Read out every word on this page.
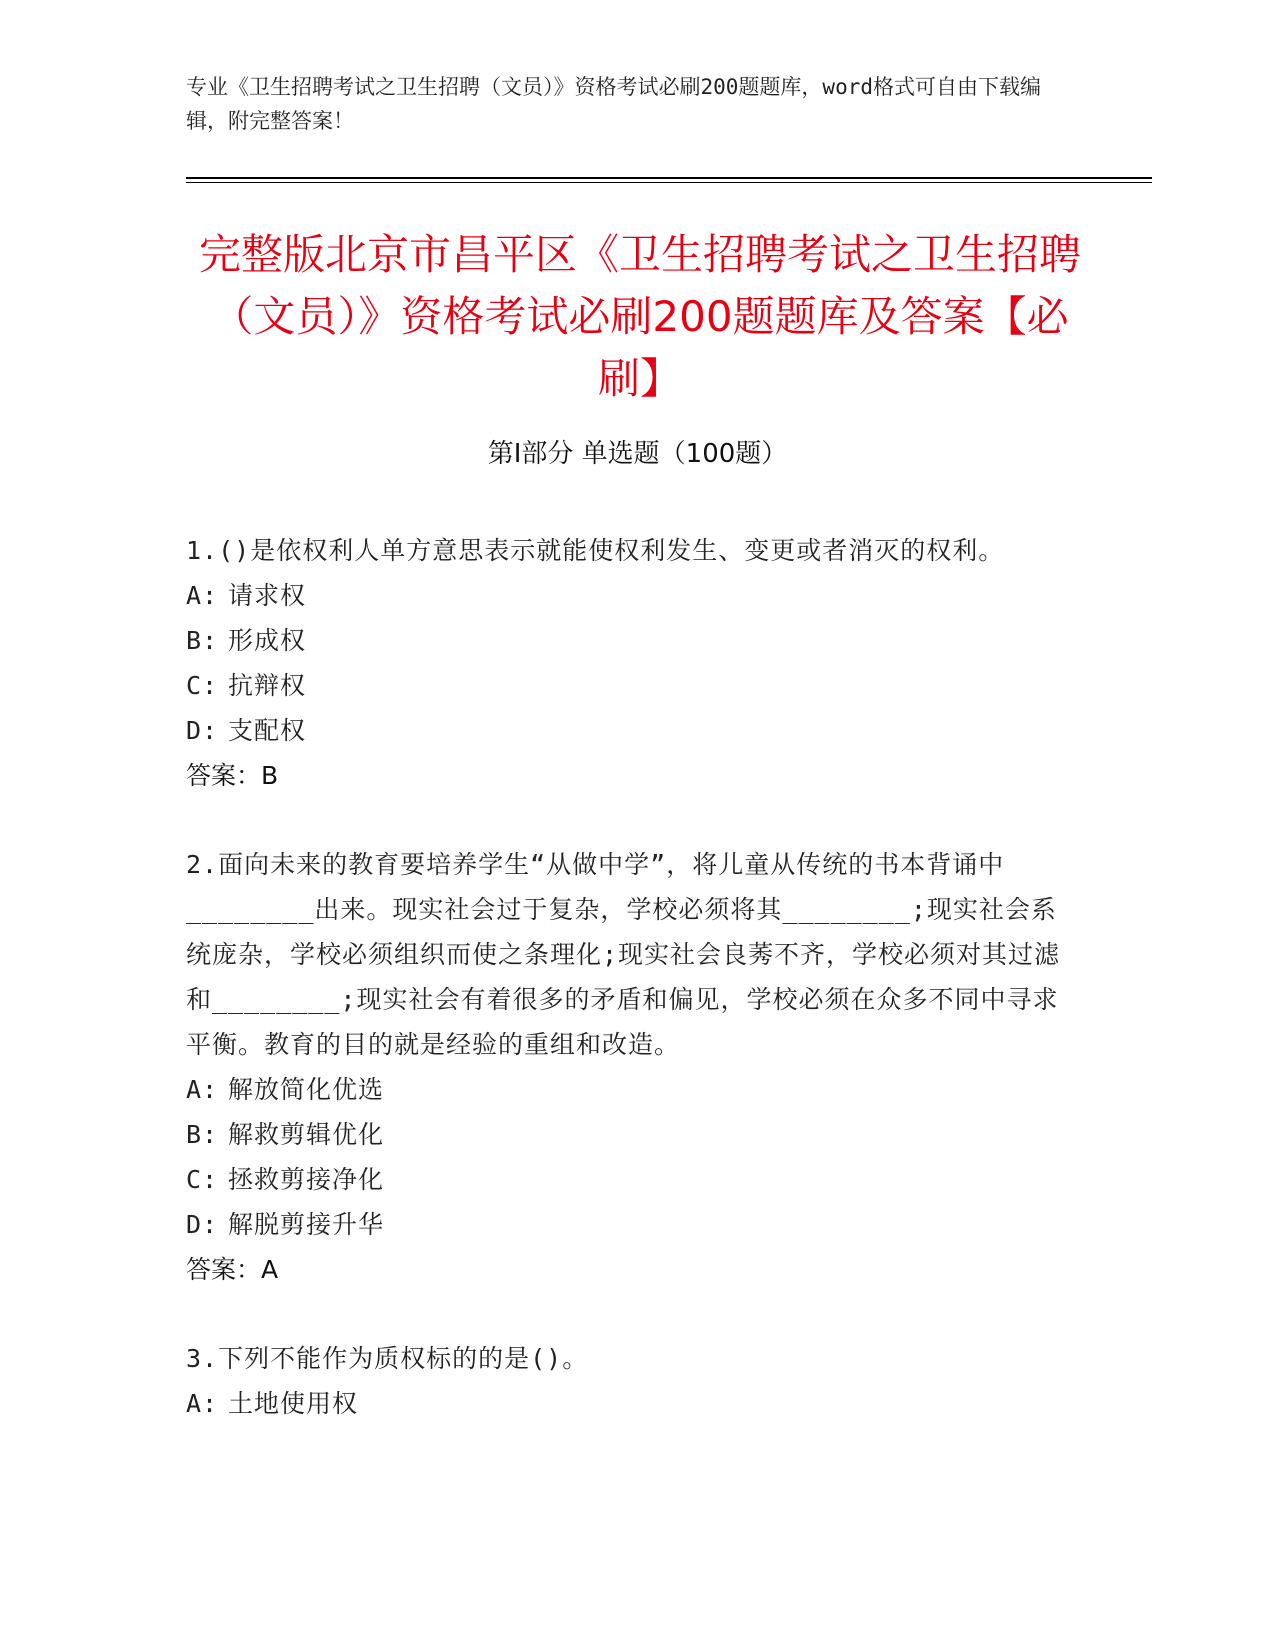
专业《卫生招聘考试之卫生招聘（文员）》资格考试必刷200题题库，word格式可自由下载编辑，附完整答案！
完整版北京市昌平区《卫生招聘考试之卫生招聘（文员）》资格考试必刷200题题库及答案【必刷】
第Ⅰ部分 单选题（100题）

1.()是依权利人单方意思表示就能使权利发生、变更或者消灭的权利。

A: 请求权
B: 形成权
C: 抗辩权
D: 支配权
答案：B

2.面向未来的教育要培养学生“从做中学”，将儿童从传统的书本背诵中________出来。现实社会过于复杂，学校必须将其________;现实社会系统庞杂，学校必须组织而使之条理化;现实社会良莠不齐，学校必须对其过滤和________;现实社会有着很多的矛盾和偏见，学校必须在众多不同中寻求平衡。教育的目的就是经验的重组和改造。

A: 解放简化优选
B: 解救剪辑优化
C: 拯救剪接净化
D: 解脱剪接升华
答案：A

3.下列不能作为质权标的的是()。

A: 土地使用权
